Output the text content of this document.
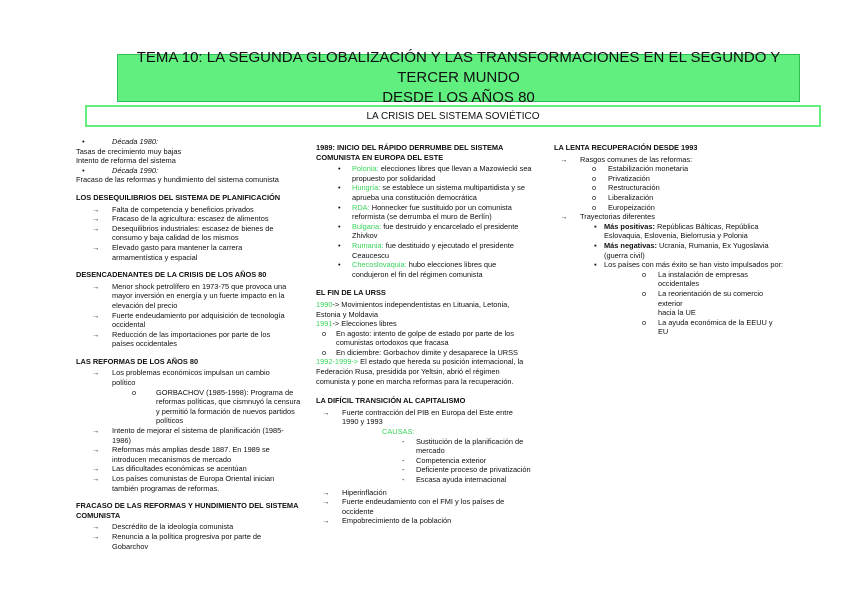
TEMA 10: LA SEGUNDA GLOBALIZACIÓN Y LAS TRANSFORMACIONES EN EL SEGUNDO Y TERCER MUNDO
DESDE LOS AÑOS 80
LA CRISIS DEL SISTEMA SOVIÉTICO
• Década 1980:
Tasas de crecimiento muy bajas
Intento de reforma del sistema
• Década 1990:
Fracaso de las reformas y hundimiento del sistema comunista
LOS DESEQUILIBRIOS DEL SISTEMA DE PLANIFICACIÓN
→ Falta de competencia y beneficios privados
→ Fracaso de la agricultura: escasez de alimentos
→ Desequilibrios industriales: escasez de bienes de
consumo y baja calidad de los mismos
→ Elevado gasto para mantener la carrera
armamentística y espacial
DESENCADENANTES DE LA CRISIS DE LOS AÑOS 80
→ Menor shock petrolífero en 1973-75 que provoca una
mayor inversión en energía y un fuerte impacto en la
elevación del precio
→ Fuerte endeudamiento por adquisición de tecnología
occidental
→ Reducción de las importaciones por parte de los
países occidentales
LAS REFORMAS DE LOS AÑOS 80
→ Los problemas económicos impulsan un cambio
político
o GORBACHOV (1985-1998): Programa de
reformas políticas, que cismnuyó la censura
y permitió la formación de nuevos partidos
políticos
→ Intento de mejorar el sistema de planificación (1985-
1986)
→ Reformas más amplias desde 1887. En 1989 se
introducen mecanismos de mercado
→ Las dificultades económicas se acentúan
→ Los países comunistas de Europa Oriental inician
también programas de reformas.
FRACASO DE LAS REFORMAS Y HUNDIMIENTO DEL SISTEMA
COMUNISTA
→ Descrédito de la ideología comunista
→ Renuncia a la política progresiva por parte de
Gobarchov
1989: INICIO DEL RÁPIDO DERRUMBE DEL SISTEMA
COMUNISTA EN EUROPA DEL ESTE
• Polonia: elecciones libres que llevan a Mazowiecki sea
propuesto por solidaridad
• Hungría: se establece un sistema multipartidista y se
aprueba una constitución democrática
• RDA: Honnecker fue sustituido por un comunista
reformista (se derrumba el muro de Berlín)
• Bulgaria: fue destruido y encarcelado el presidente
Zhivkov
• Rumania: fue destituido y ejecutado el presidente
Ceaucescu
• Checoslovaquia: hubo elecciones libres que
condujeron el fin del régimen comunista
EL FIN DE LA URSS
1990-> Movimientos independentistas en Lituania, Letonia,
Estonia y Moldavia
1991-> Elecciones libres
o En agosto: intento de golpe de estado por parte de los
comunistas ortodoxos que fracasa
o En diciembre: Gorbachov dimite y desaparece la URSS
1992-1999-> El estado que hereda su posición internacional, la
Federación Rusa, presidida por Yeltsin, abrió el régimen
comunista y pone en marcha reformas para la recuperación.
LA DIFÍCIL TRANSICIÓN AL CAPITALISMO
→ Fuerte contracción del PIB en Europa del Este entre
1990 y 1993
CAUSAS:
- Sustitución de la planificación de
mercado
- Competencia exterior
- Deficiente proceso de privatización
- Escasa ayuda internacional
→ Hiperinflación
→ Fuerte endeudamiento con el FMI y los países de
occidente
→ Empobrecimiento de la población
LA LENTA RECUPERACIÓN DESDE 1993
→ Rasgos comunes de las reformas:
o Estabilización monetaria
o Privatización
o Restructuración
o Liberalización
o Europeización
→ Trayectorias diferentes
▪ Más positivas: Repúblicas Bálticas, República
Eslovaquia, Eslovenia, Bielorrusia y Polonia
▪ Más negativas: Ucrania, Rumania, Ex Yugoslavia
(guerra civil)
▪ Los países con más éxito se han visto impulsados por:
o La instalación de empresas occidentales
o La reorientación de su comercio exterior
hacia la UE
o La ayuda económica de la EEUU y EU
